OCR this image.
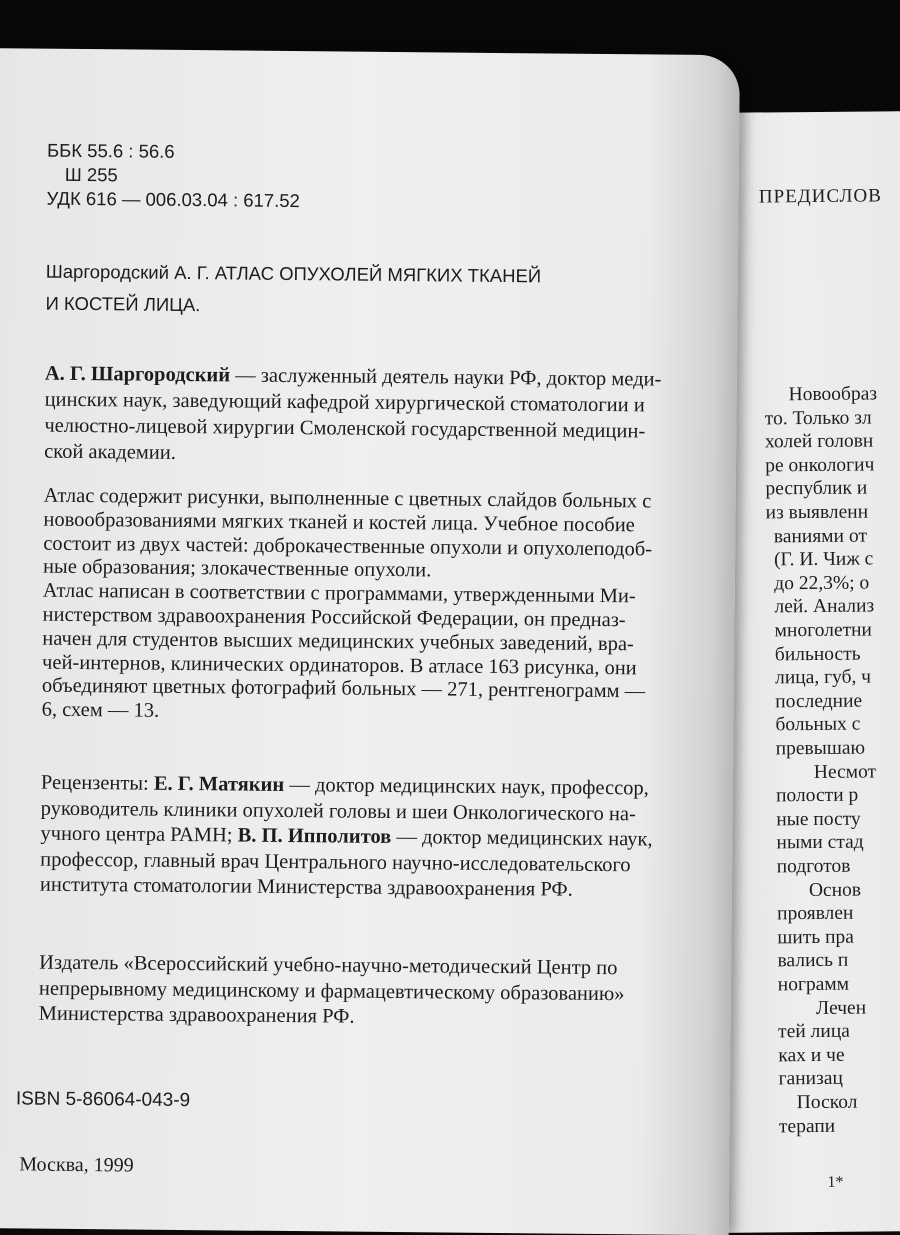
ПРЕДИСЛОВ
Новообраз
то. Только зл
холей головн
ре онкологич
республик и
из выявленн
ваниями от
(Г. И. Чиж с
до 22,3%; о
лей. Анализ
многолетни
бильность
лица, губ, ч
последние
больных с
превышаю
Несмот
полости р
ные посту
ными стад
подготов
Основ
проявлен
шить пра
вались п
нограмм
Лечен
тей лица
ках и че
ганизац
Поскол
терапи
1*
ББК 55.6 : 56.6
Ш 255
УДК 616 — 006.03.04 : 617.52
Шаргородский А. Г. АТЛАС ОПУХОЛЕЙ МЯГКИХ ТКАНЕЙ
И КОСТЕЙ ЛИЦА.
А. Г. Шаргородский — заслуженный деятель науки РФ, доктор меди-
цинских наук, заведующий кафедрой хирургической стоматологии и
челюстно-лицевой хирургии Смоленской государственной медицин-
ской академии.
Атлас содержит рисунки, выполненные с цветных слайдов больных с
новообразованиями мягких тканей и костей лица. Учебное пособие
состоит из двух частей: доброкачественные опухоли и опухолеподоб-
ные образования; злокачественные опухоли.
Атлас написан в соответствии с программами, утвержденными Ми-
нистерством здравоохранения Российской Федерации, он предназ-
начен для студентов высших медицинских учебных заведений, вра-
чей-интернов, клинических ординаторов. В атласе 163 рисунка, они
объединяют цветных фотографий больных — 271, рентгенограмм —
6, схем — 13.
Рецензенты: Е. Г. Матякин — доктор медицинских наук, профессор,
руководитель клиники опухолей головы и шеи Онкологического на-
учного центра РАМН; В. П. Ипполитов — доктор медицинских наук,
профессор, главный врач Центрального научно-исследовательского
института стоматологии Министерства здравоохранения РФ.
Издатель «Всероссийский учебно-научно-методический Центр по
непрерывному медицинскому и фармацевтическому образованию»
Министерства здравоохранения РФ.
ISBN 5-86064-043-9
Москва, 1999
